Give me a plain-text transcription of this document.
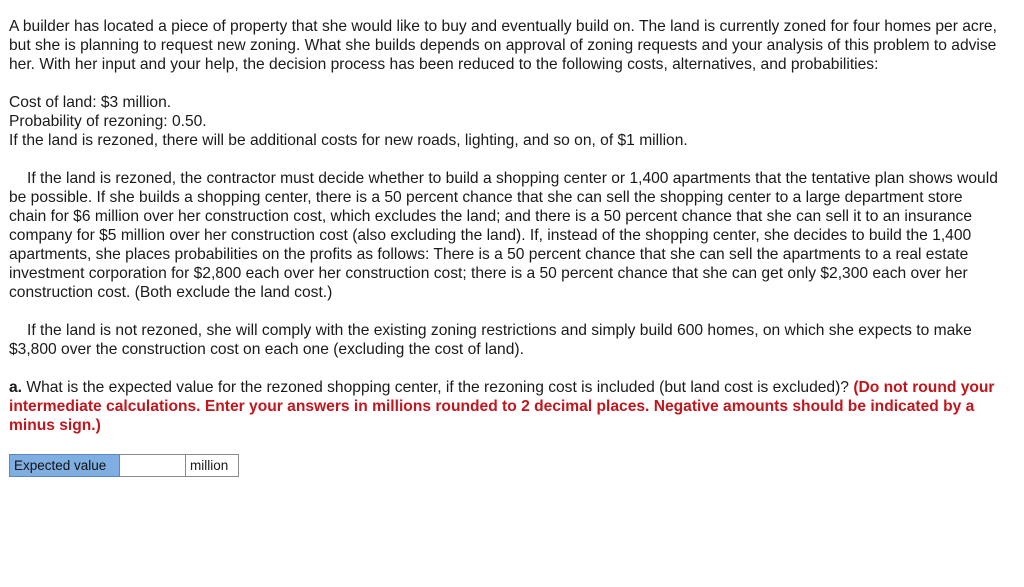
A builder has located a piece of property that she would like to buy and eventually build on. The land is currently zoned for four homes per acre, but she is planning to request new zoning. What she builds depends on approval of zoning requests and your analysis of this problem to advise her. With her input and your help, the decision process has been reduced to the following costs, alternatives, and probabilities:

Cost of land: $3 million.

Probability of rezoning: 0.50.

If the land is rezoned, there will be additional costs for new roads, lighting, and so on, of $1 million.

If the land is rezoned, the contractor must decide whether to build a shopping center or 1,400 apartments that the tentative plan shows would be possible. If she builds a shopping center, there is a 50 percent chance that she can sell the shopping center to a large department store chain for $6 million over her construction cost, which excludes the land; and there is a 50 percent chance that she can sell it to an insurance company for $5 million over her construction cost (also excluding the land). If, instead of the shopping center, she decides to build the 1,400 apartments, she places probabilities on the profits as follows: There is a 50 percent chance that she can sell the apartments to a real estate investment corporation for $2,800 each over her construction cost; there is a 50 percent chance that she can get only $2,300 each over her construction cost. (Both exclude the land cost.)

If the land is not rezoned, she will comply with the existing zoning restrictions and simply build 600 homes, on which she expects to make $3,800 over the construction cost on each one (excluding the cost of land).

a. What is the expected value for the rezoned shopping center, if the rezoning cost is included (but land cost is excluded)? (Do not round your intermediate calculations. Enter your answers in millions rounded to 2 decimal places. Negative amounts should be indicated by a minus sign.)

Expected value	million
